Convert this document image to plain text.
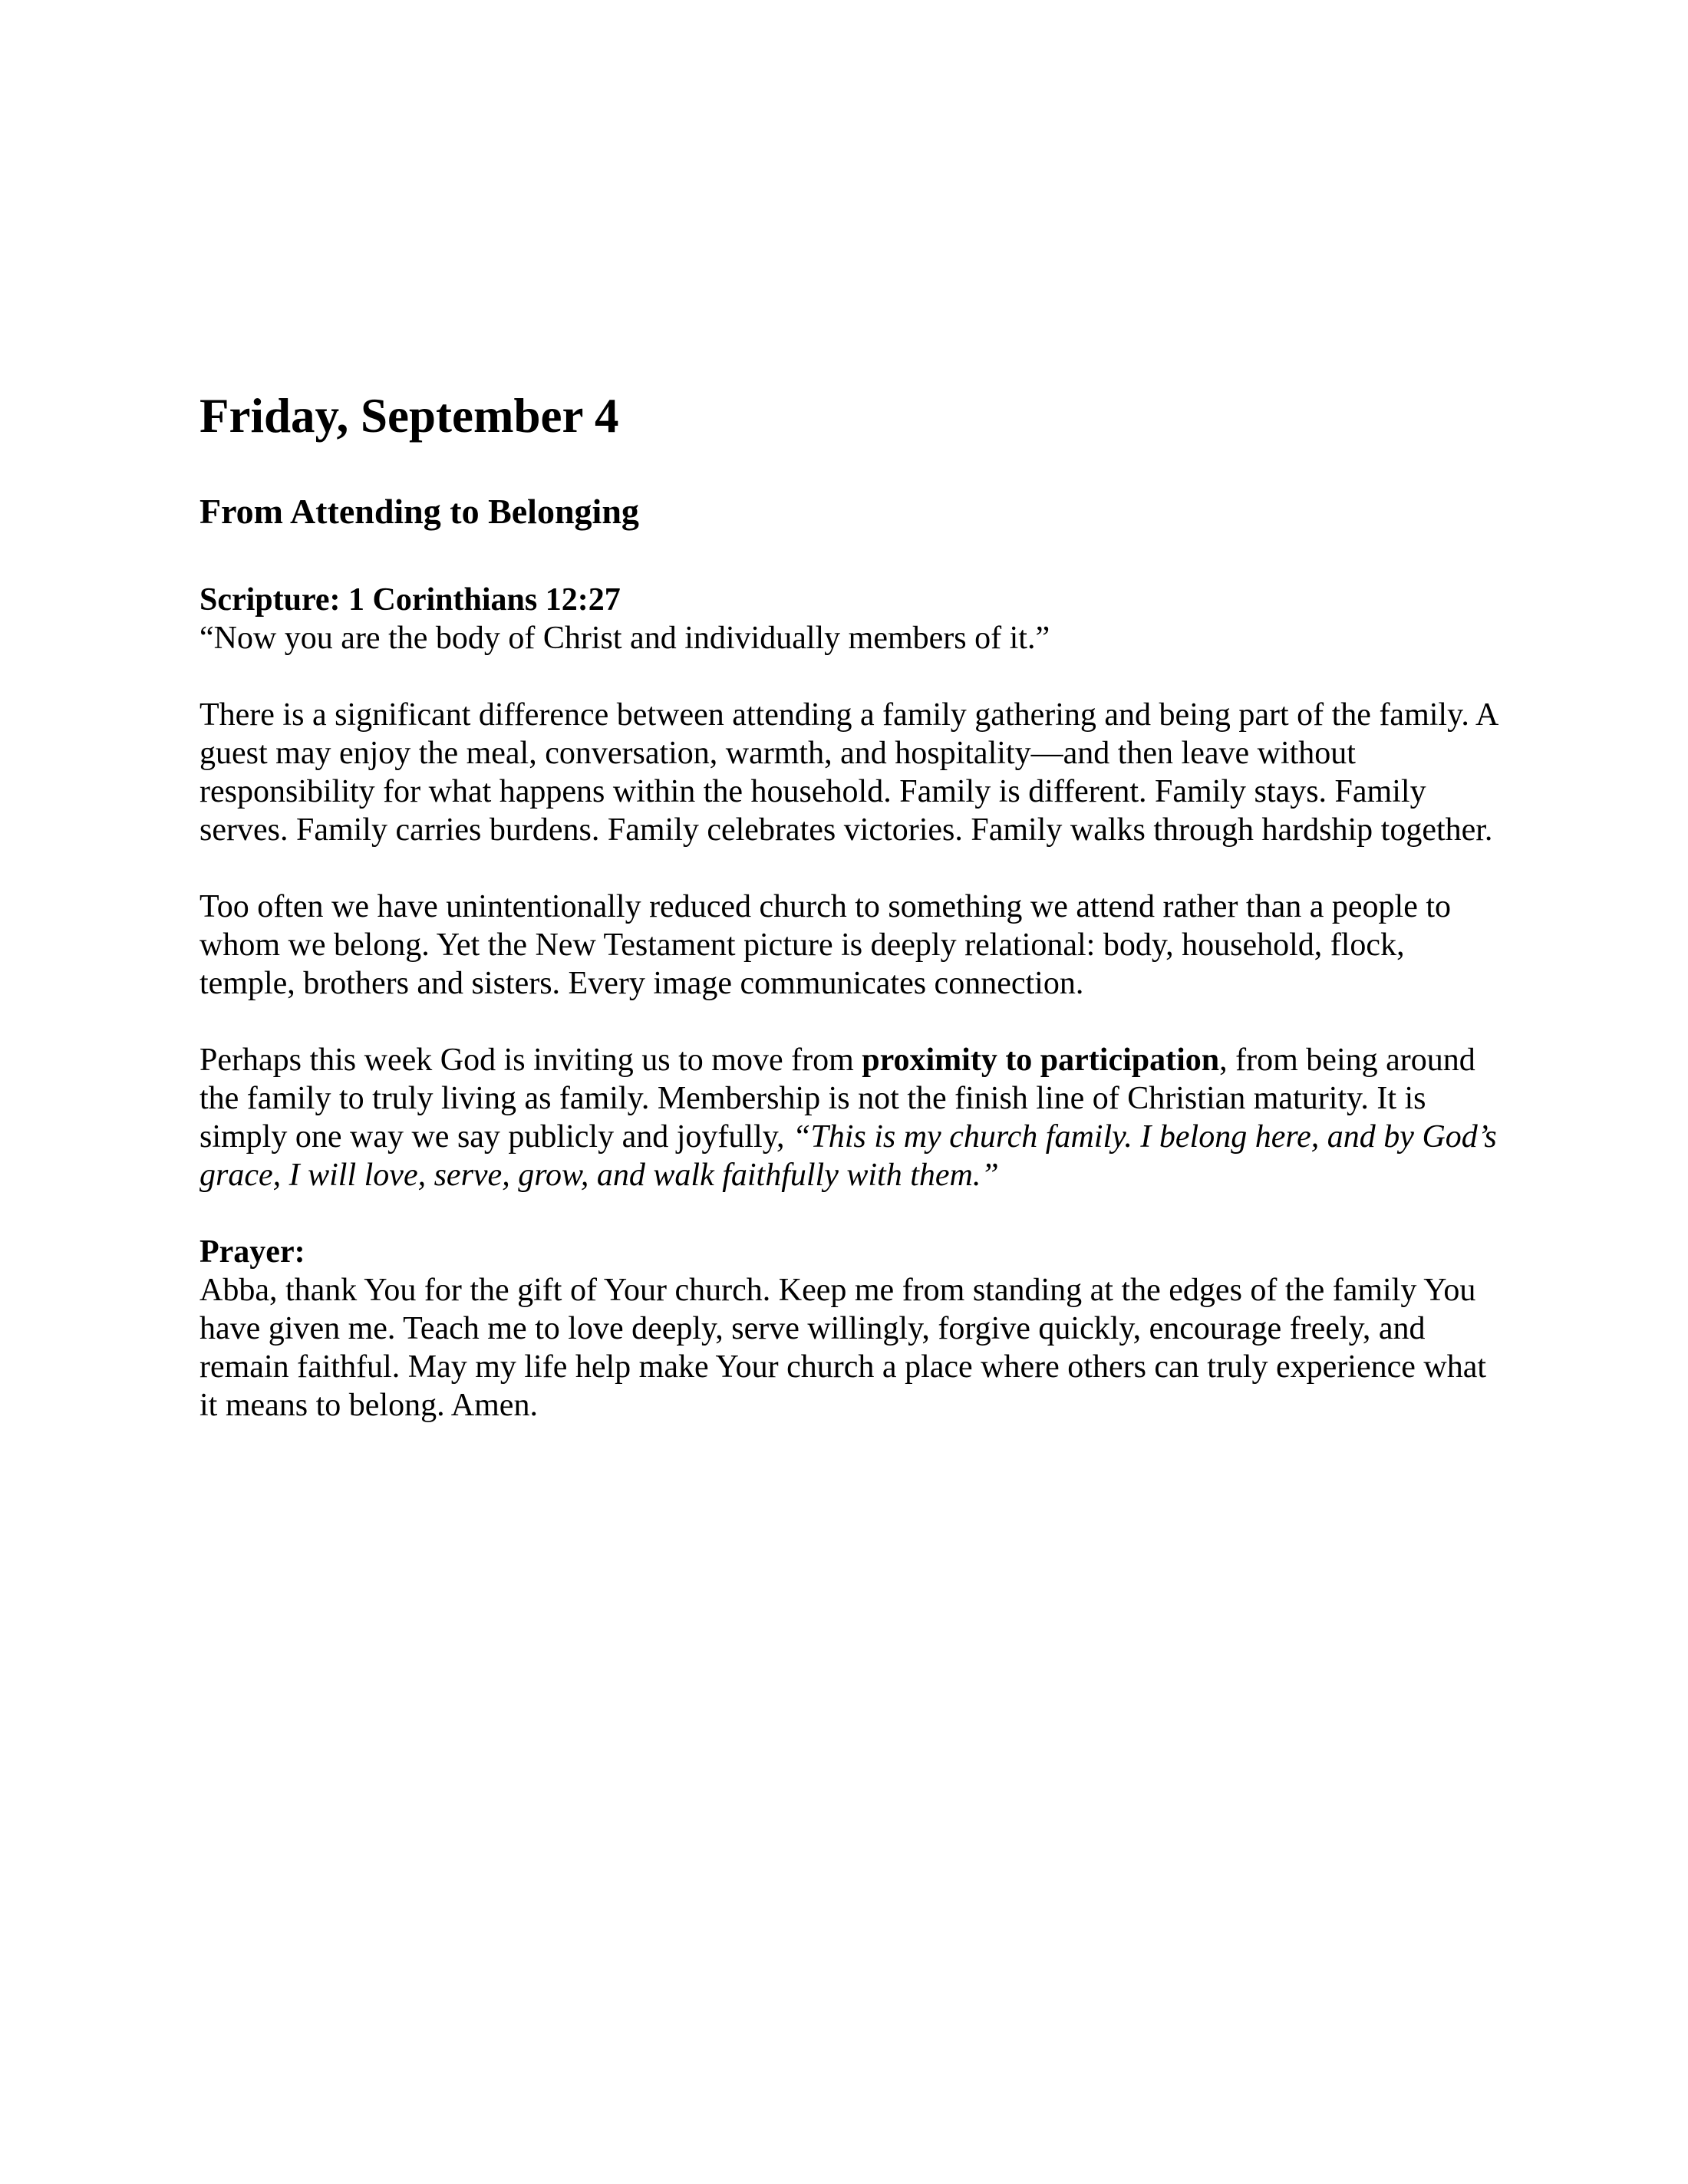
Friday, September 4
From Attending to Belonging

Scripture: 1 Corinthians 12:27

“Now you are the body of Christ and individually members of it.”

There is a significant difference between attending a family gathering and being part of the family. A guest may enjoy the meal, conversation, warmth, and hospitality—and then leave without responsibility for what happens within the household. Family is different. Family stays. Family serves. Family carries burdens. Family celebrates victories. Family walks through hardship together.

Too often we have unintentionally reduced church to something we attend rather than a people to whom we belong. Yet the New Testament picture is deeply relational: body, household, flock, temple, brothers and sisters. Every image communicates connection.

Perhaps this week God is inviting us to move from proximity to participation, from being around the family to truly living as family. Membership is not the finish line of Christian maturity. It is simply one way we say publicly and joyfully, “This is my church family. I belong here, and by God’s grace, I will love, serve, grow, and walk faithfully with them.”

Prayer:

Abba, thank You for the gift of Your church. Keep me from standing at the edges of the family You have given me. Teach me to love deeply, serve willingly, forgive quickly, encourage freely, and remain faithful. May my life help make Your church a place where others can truly experience what it means to belong. Amen.
